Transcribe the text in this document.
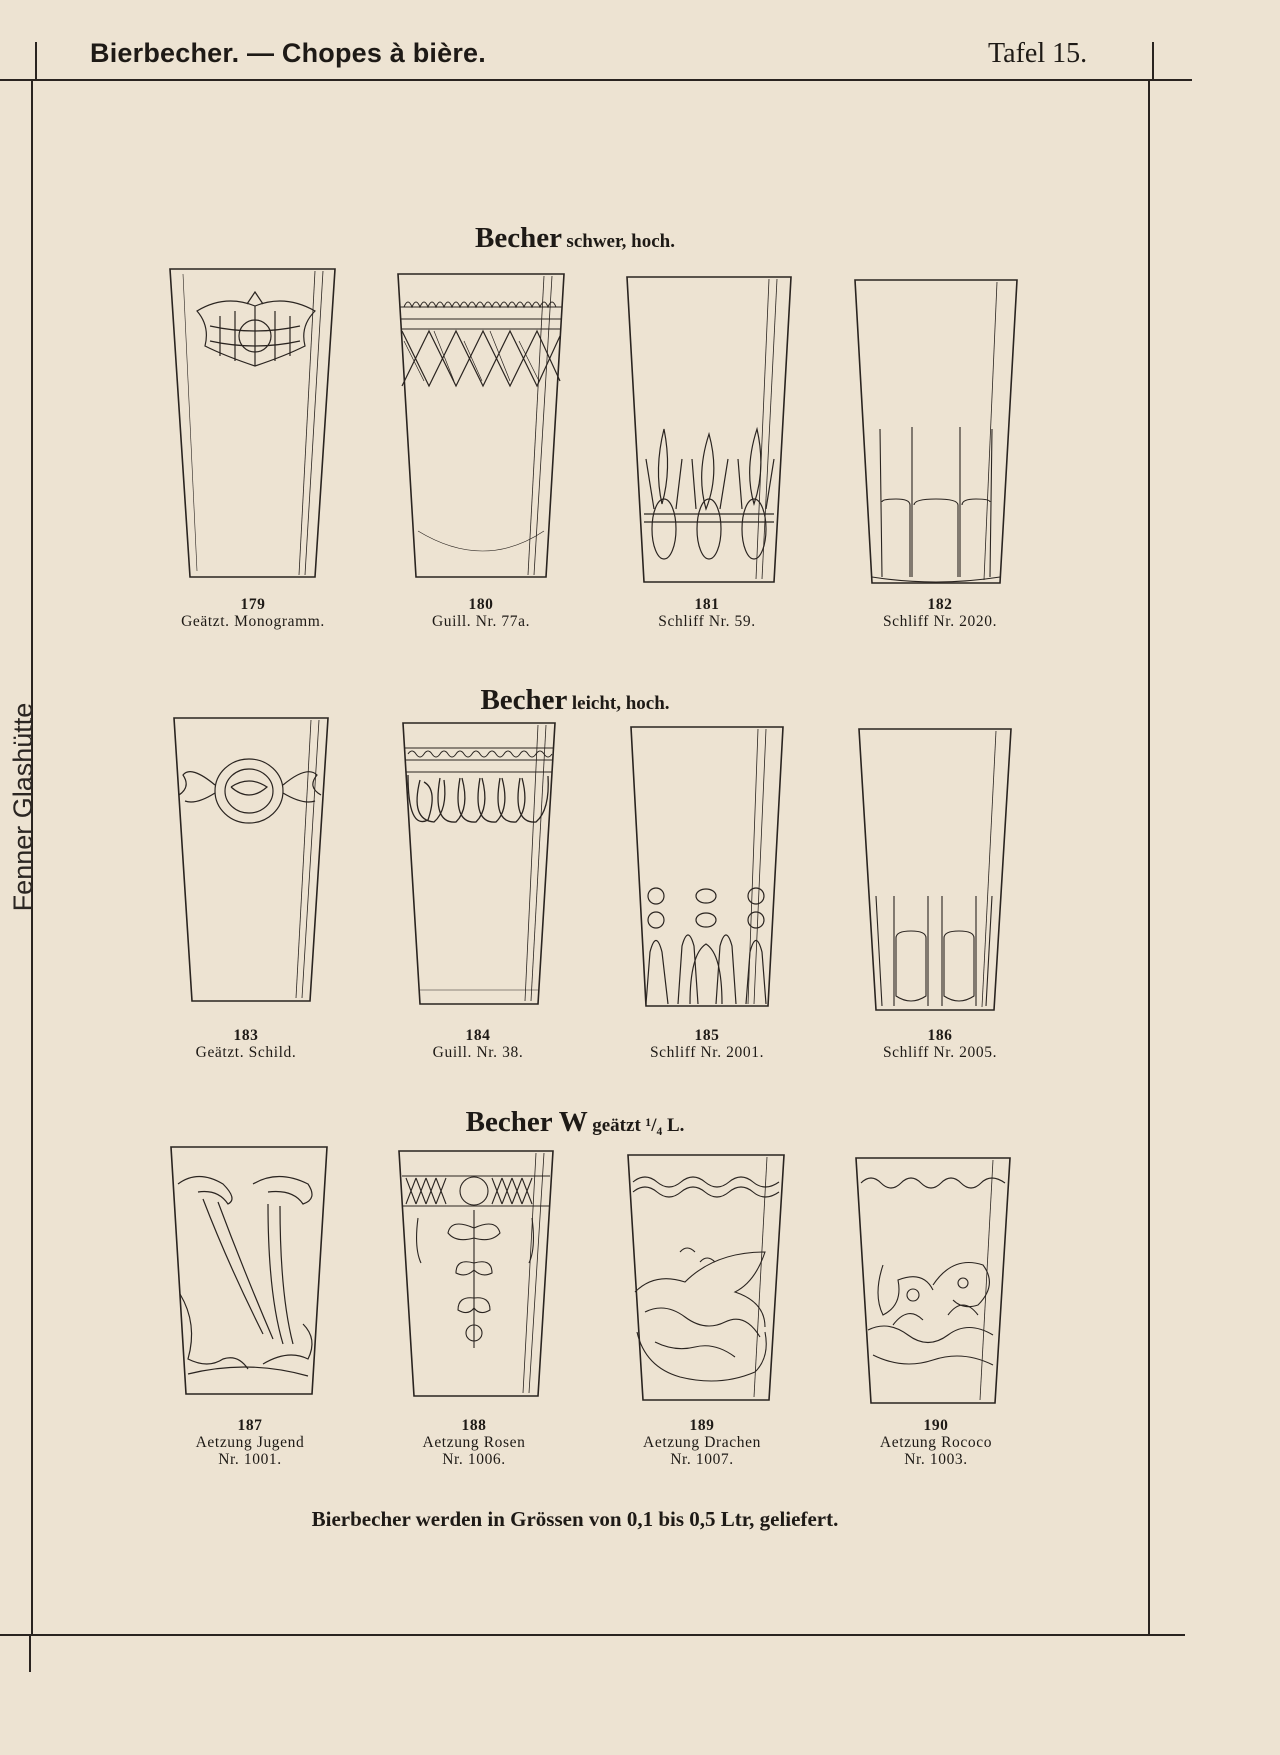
Bierbecher. — Chopes à bière.	Tafel 15.
Fenner Glashütte
Becher schwer, hoch.
Becher leicht, hoch.
Becher W geätzt ¹/₄ L.
179
Geätzt. Monogramm.
180
Guill. Nr. 77a.
181
Schliff Nr. 59.
182
Schliff Nr. 2020.
183
Geätzt. Schild.
184
Guill. Nr. 38.
185
Schliff Nr. 2001.
186
Schliff Nr. 2005.
187
Aetzung Jugend
Nr. 1001.
188
Aetzung Rosen
Nr. 1006.
189
Aetzung Drachen
Nr. 1007.
190
Aetzung Rococo
Nr. 1003.
Bierbecher werden in Grössen von 0,1 bis 0,5 Ltr, geliefert.
